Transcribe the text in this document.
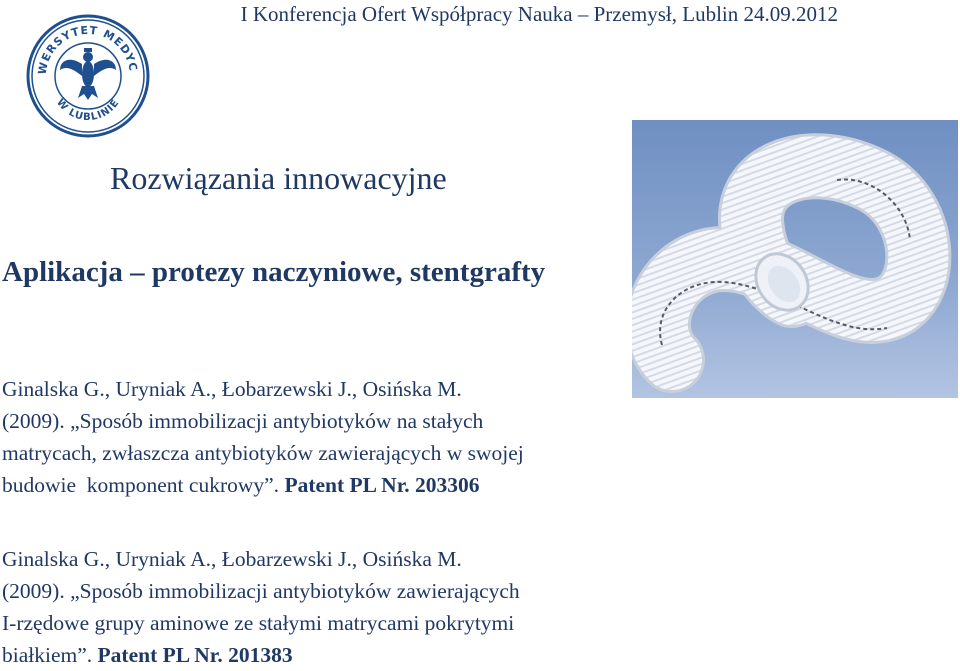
I Konferencja Ofert Współpracy Nauka – Przemysł, Lublin 24.09.2012
WERSYTET MEDYC
W LUBLINIE
Rozwiązania innowacyjne
Aplikacja – protezy naczyniowe, stentgrafty
Ginalska G., Uryniak A., Łobarzewski J., Osińska M.
(2009). „Sposób immobilizacji antybiotyków na stałych
matrycach, zwłaszcza antybiotyków zawierających w swojej
budowie  komponent cukrowy”. Patent PL Nr. 203306
Ginalska G., Uryniak A., Łobarzewski J., Osińska M.
(2009). „Sposób immobilizacji antybiotyków zawierających
I-rzędowe grupy aminowe ze stałymi matrycami pokrytymi
białkiem”. Patent PL Nr. 201383
